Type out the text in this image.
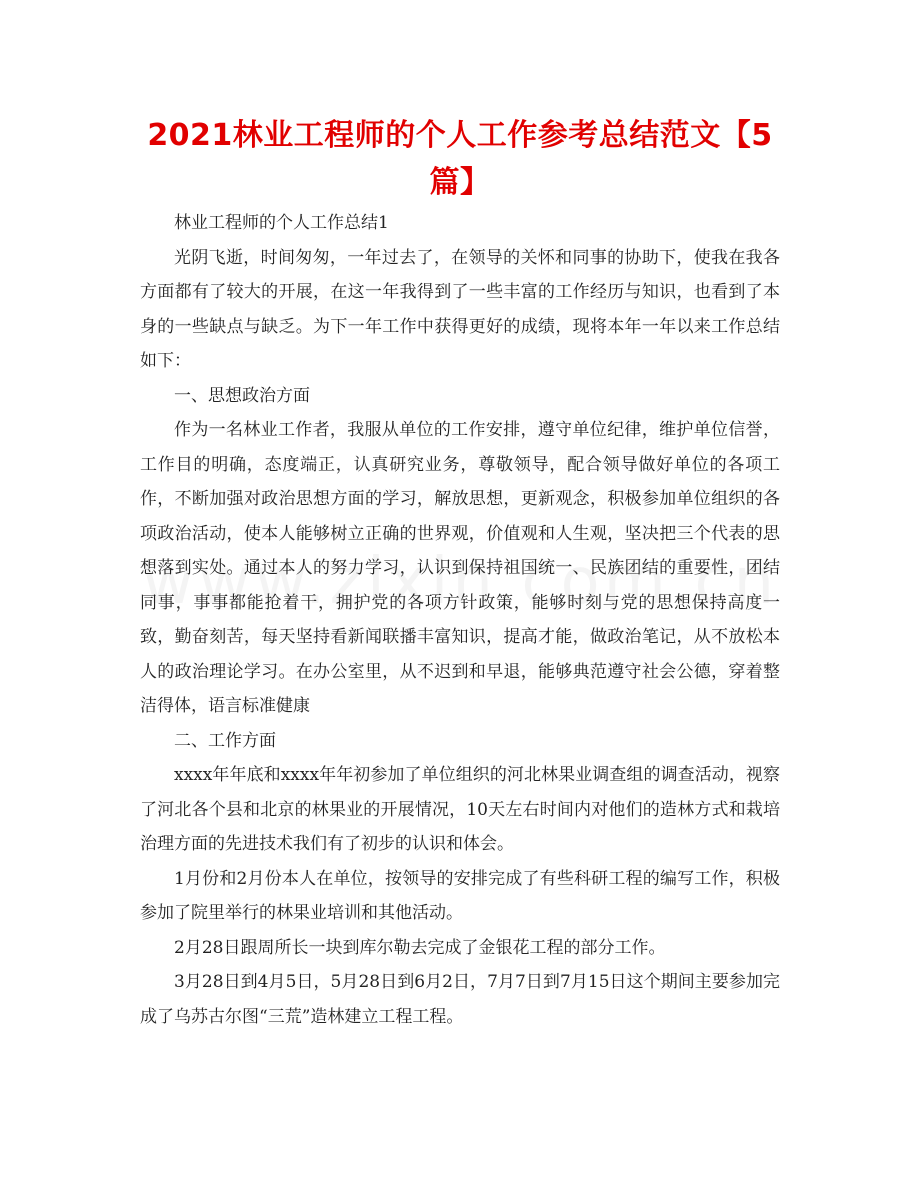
2021林业工程师的个人工作参考总结范文【5篇】

林业工程师的个人工作总结1

光阴飞逝，时间匆匆，一年过去了，在领导的关怀和同事的协助下，使我在我各方面都有了较大的开展，在这一年我得到了一些丰富的工作经历与知识，也看到了本身的一些缺点与缺乏。为下一年工作中获得更好的成绩，现将本年一年以来工作总结如下：

一、思想政治方面

作为一名林业工作者，我服从单位的工作安排，遵守单位纪律，维护单位信誉，工作目的明确，态度端正，认真研究业务，尊敬领导，配合领导做好单位的各项工作，不断加强对政治思想方面的学习，解放思想，更新观念，积极参加单位组织的各项政治活动，使本人能够树立正确的世界观，价值观和人生观，坚决把三个代表的思想落到实处。通过本人的努力学习，认识到保持祖国统一、民族团结的重要性，团结同事，事事都能抢着干，拥护党的各项方针政策，能够时刻与党的思想保持高度一致，勤奋刻苦，每天坚持看新闻联播丰富知识，提高才能，做政治笔记，从不放松本人的政治理论学习。在办公室里，从不迟到和早退，能够典范遵守社会公德，穿着整洁得体，语言标准健康

二、工作方面

xxxx年年底和xxxx年年初参加了单位组织的河北林果业调查组的调查活动，视察了河北各个县和北京的林果业的开展情况，10天左右时间内对他们的造林方式和栽培治理方面的先进技术我们有了初步的认识和体会。

1月份和2月份本人在单位，按领导的安排完成了有些科研工程的编写工作，积极参加了院里举行的林果业培训和其他活动。

2月28日跟周所长一块到库尔勒去完成了金银花工程的部分工作。

3月28日到4月5日，5月28日到6月2日，7月7日到7月15日这个期间主要参加完成了乌苏古尔图“三荒”造林建立工程工程。
